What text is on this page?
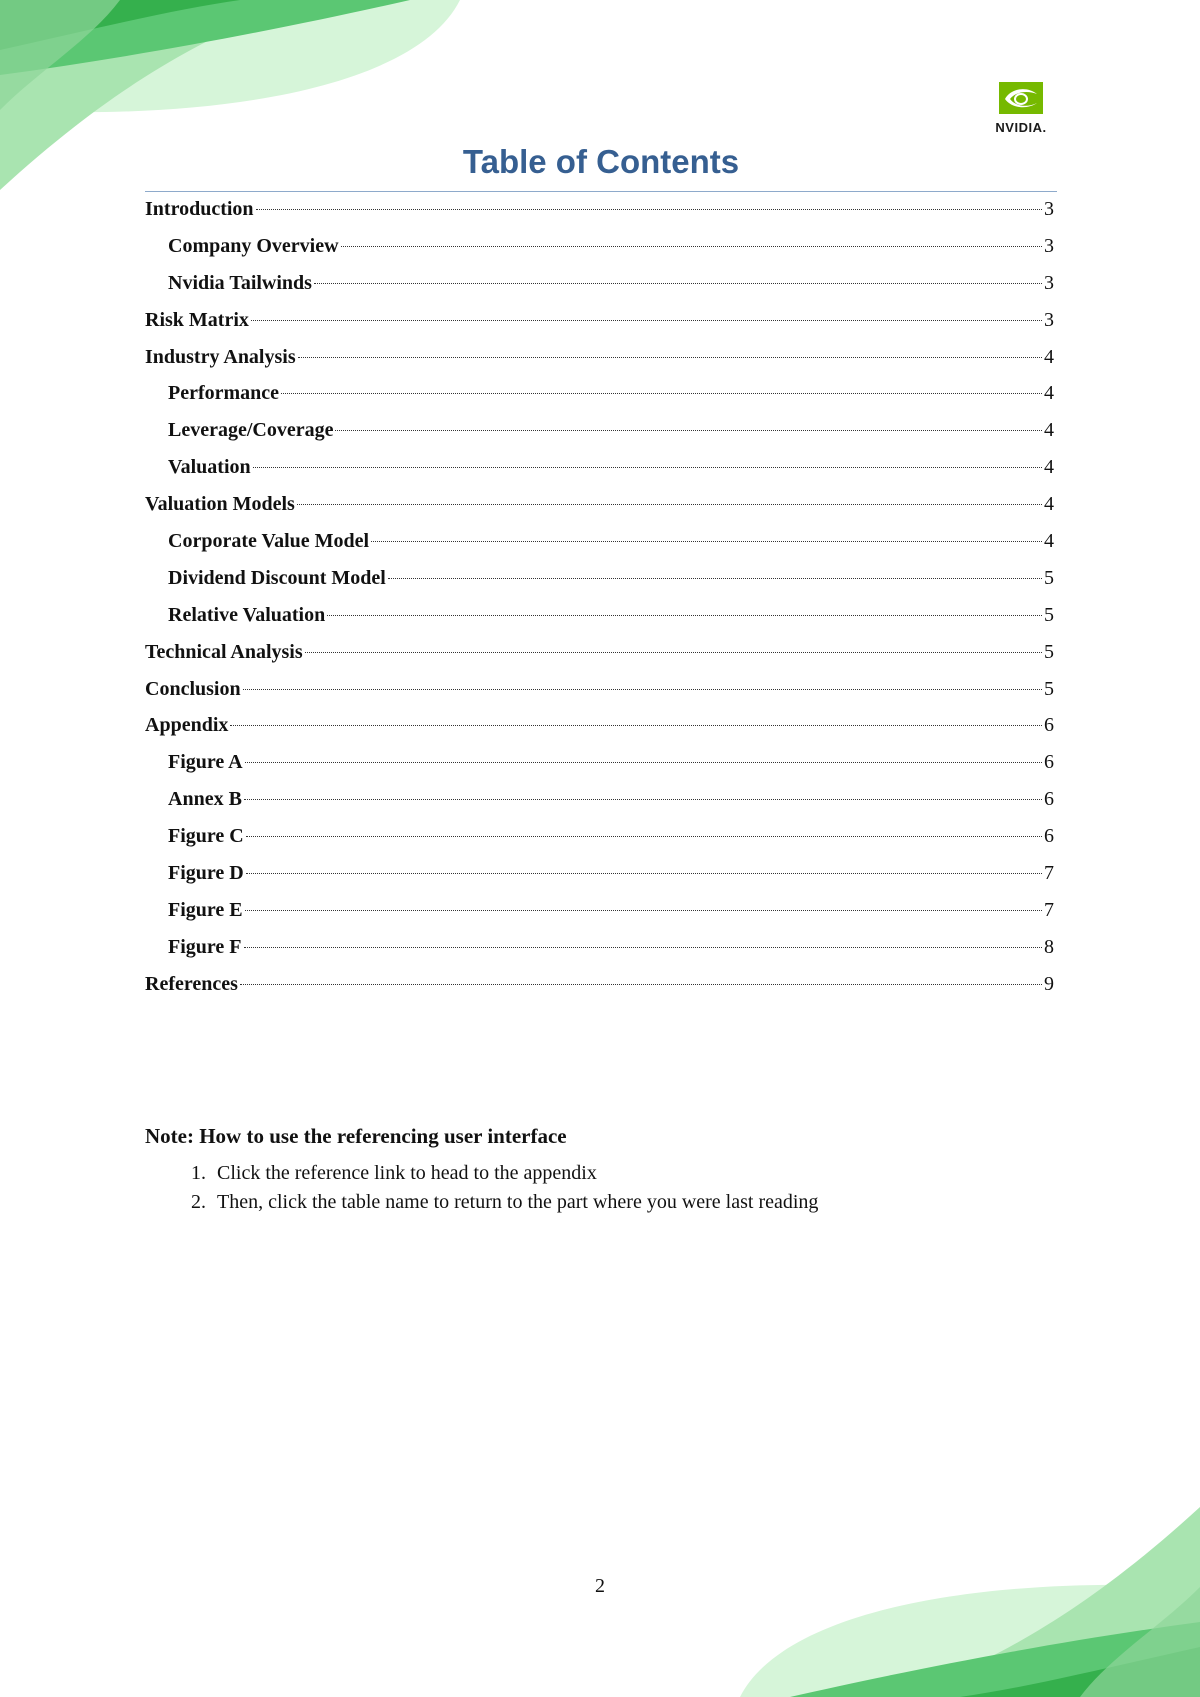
NVIDIA.
Table of Contents
Introduction	3
Company Overview	3
Nvidia Tailwinds	3
Risk Matrix	3
Industry Analysis	4
Performance	4
Leverage/Coverage	4
Valuation	4
Valuation Models	4
Corporate Value Model	4
Dividend Discount Model	5
Relative Valuation	5
Technical Analysis	5
Conclusion	5
Appendix	6
Figure A	6
Annex B	6
Figure C	6
Figure D	7
Figure E	7
Figure F	8
References	9
Note: How to use the referencing user interface
1. Click the reference link to head to the appendix
2. Then, click the table name to return to the part where you were last reading
2
